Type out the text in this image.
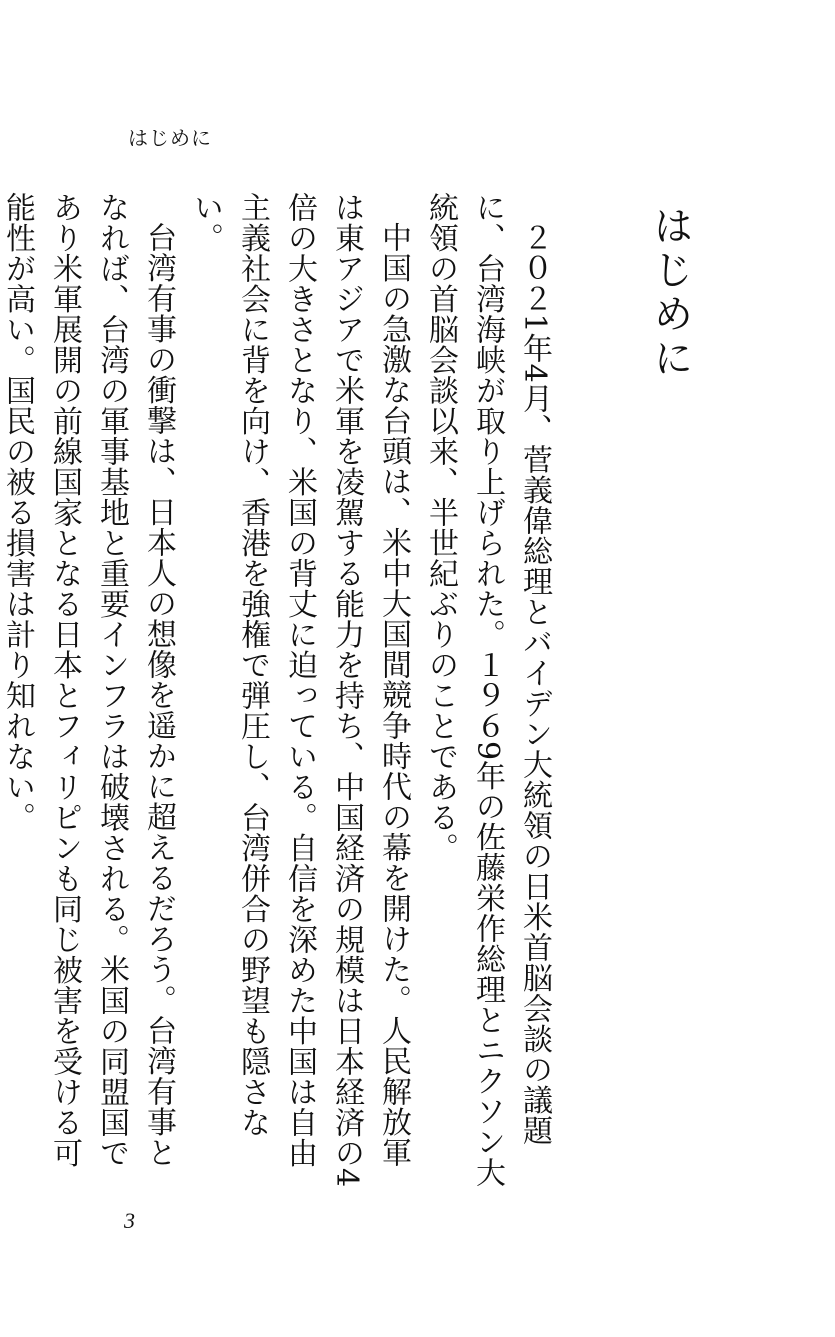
はじめに
はじめに

２０２1年4月、菅義偉総理とバイデン大統領の日米首脳会談の議題に、台湾海峡が取り上げられた。１９６9年の佐藤栄作総理とニクソン大統領の首脳会談以来、半世紀ぶりのことである。

中国の急激な台頭は、米中大国間競争時代の幕を開けた。人民解放軍は東アジアで米軍を凌駕する能力を持ち、中国経済の規模は日本経済の4倍の大きさとなり、米国の背丈に迫っている。自信を深めた中国は自由主義社会に背を向け、香港を強権で弾圧し、台湾併合の野望も隠さない。

台湾有事の衝撃は、日本人の想像を遥かに超えるだろう。台湾有事となれば、台湾の軍事基地と重要インフラは破壊される。米国の同盟国であり米軍展開の前線国家となる日本とフィリピンも同じ被害を受ける可能性が高い。国民の被る損害は計り知れない。

3
